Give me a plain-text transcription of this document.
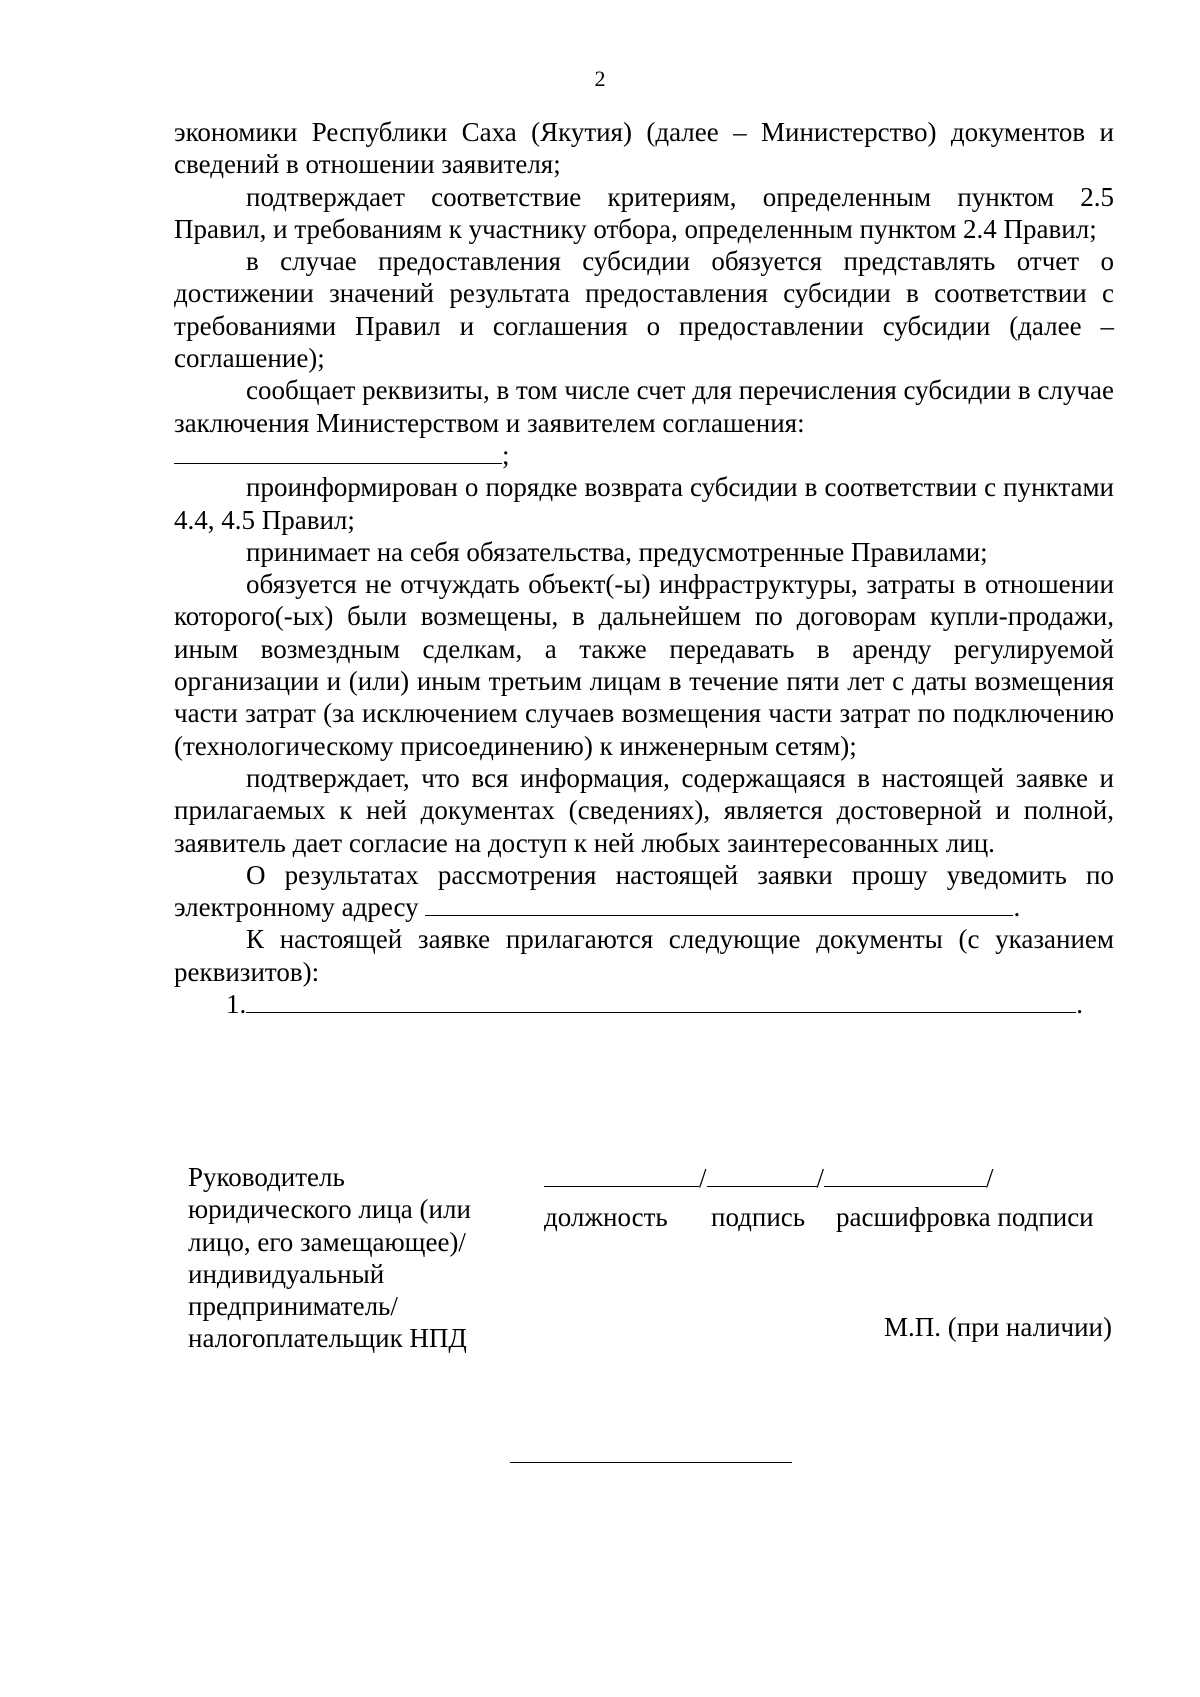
2

экономики Республики Саха (Якутия) (далее – Министерство) документов и сведений в отношении заявителя;

подтверждает соответствие критериям, определенным пунктом 2.5 Правил, и требованиям к участнику отбора, определенным пунктом 2.4 Правил;

в случае предоставления субсидии обязуется представлять отчет о достижении значений результата предоставления субсидии в соответствии с требованиями Правил и соглашения о предоставлении субсидии (далее – соглашение);

сообщает реквизиты, в том числе счет для перечисления субсидии в случае заключения Министерством и заявителем соглашения:

;

проинформирован о порядке возврата субсидии в соответствии с пунктами 4.4, 4.5 Правил;

принимает на себя обязательства, предусмотренные Правилами;

обязуется не отчуждать объект(-ы) инфраструктуры, затраты в отношении которого(-ых) были возмещены, в дальнейшем по договорам купли-продажи, иным возмездным сделкам, а также передавать в аренду регулируемой организации и (или) иным третьим лицам в течение пяти лет с даты возмещения части затрат (за исключением случаев возмещения части затрат по подключению (технологическому присоединению) к инженерным сетям);

подтверждает, что вся информация, содержащаяся в настоящей заявке и прилагаемых к ней документах (сведениях), является достоверной и полной, заявитель дает согласие на доступ к ней любых заинтересованных лиц.

О результатах рассмотрения настоящей заявки прошу уведомить по электронному адресу	.

К настоящей заявке прилагаются следующие документы (с указанием реквизитов):

1.	.

Руководитель
юридического лица (или
лицо, его замещающее)/
индивидуальный
предприниматель/
налогоплательщик НПД
/	/	/
должность подпись расшифровка подписи
М.П. (при наличии)
